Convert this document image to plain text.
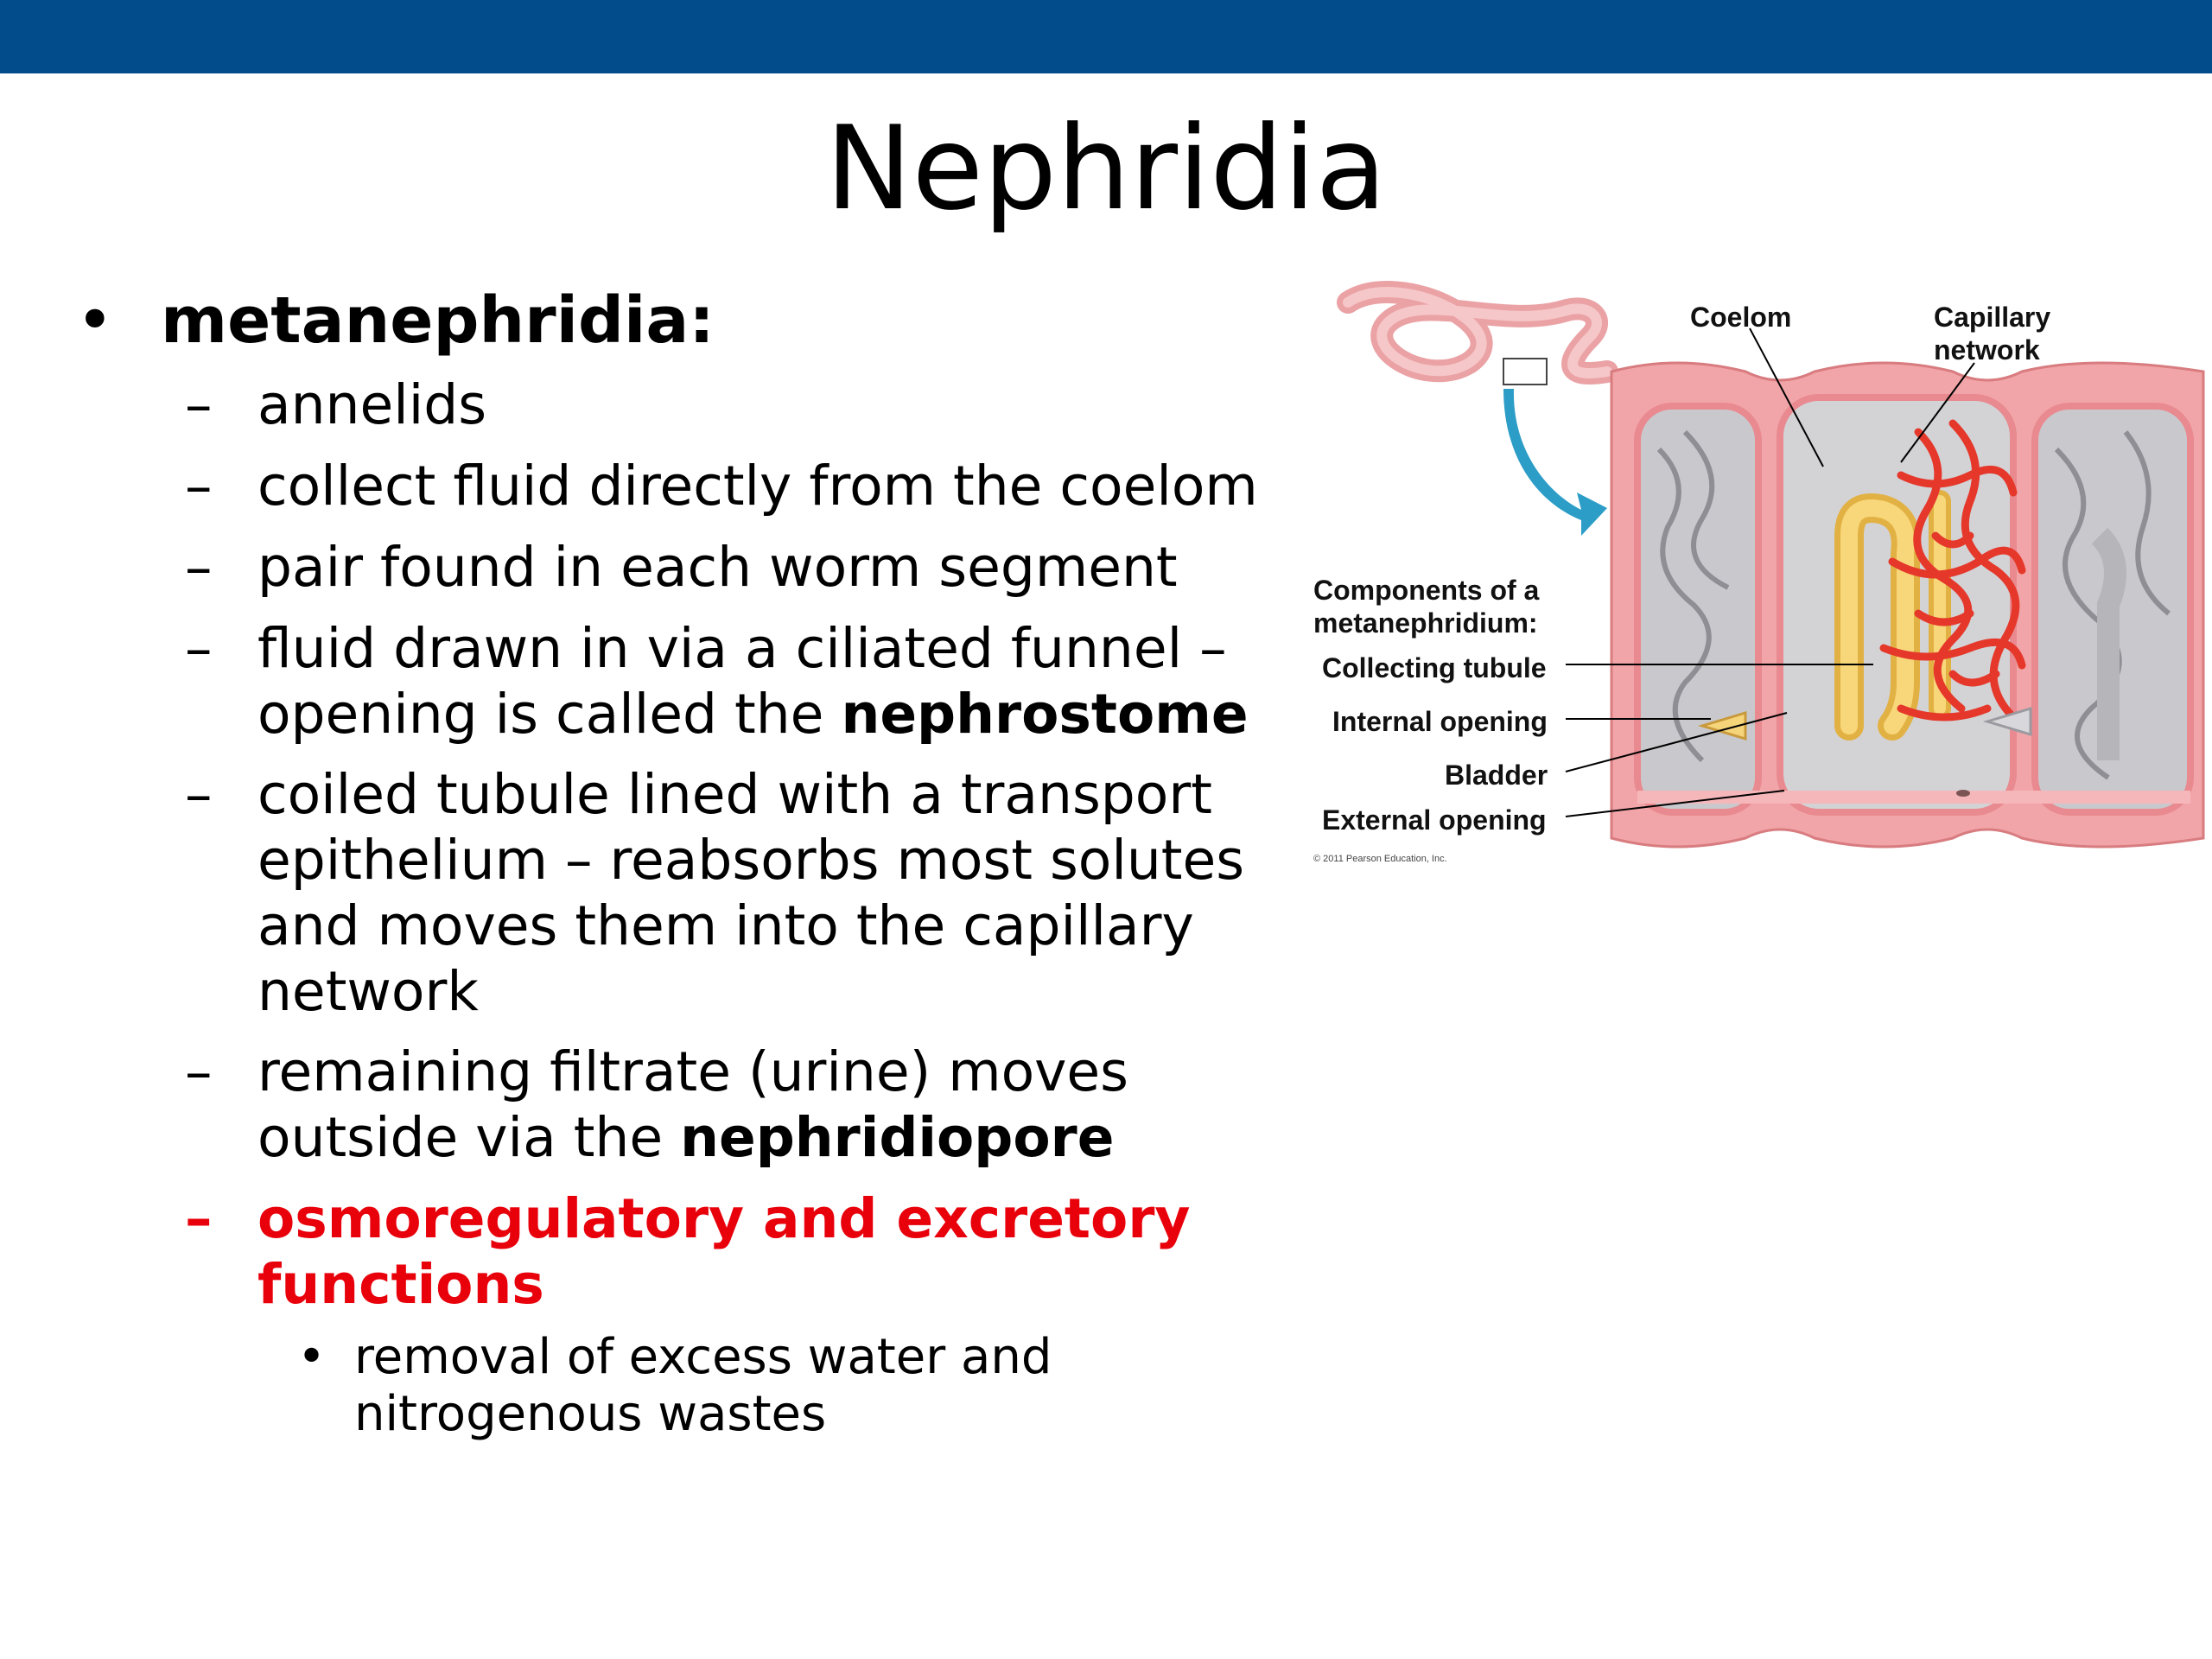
Nephridia
• metanephridia:
– annelids
– collect fluid directly from the coelom
– pair found in each worm segment
– fluid drawn in via a ciliated funnel –
opening is called the nephrostome
– coiled tubule lined with a transport
epithelium – reabsorbs most solutes
and moves them into the capillary
network
– remaining filtrate (urine) moves
outside via the nephridiopore
– osmoregulatory and excretory
functions
• removal of excess water and
nitrogenous wastes
Coelom	Capillary
network
Components of a
metanephridium:
Collecting tubule
Internal opening
Bladder
External opening
© 2011 Pearson Education, Inc.
